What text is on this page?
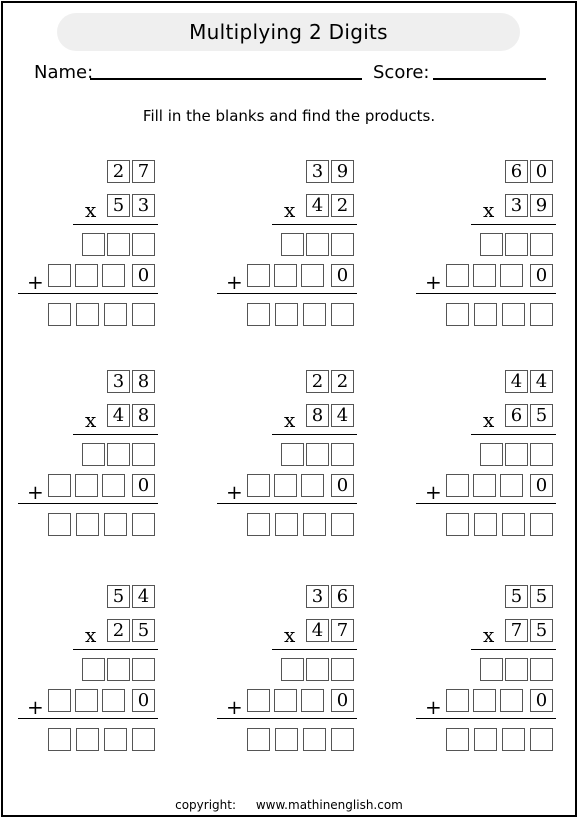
Multiplying 2 Digits
Name:	Score:
Fill in the blanks and find the products.
2 7
x 5 3
+	0
3 9
x 4 2
+	0
6 0
x 3 9
+	0
3 8
x 4 8
+	0
2 2
x 8 4
+	0
4 4
x 6 5
+	0
5 4
x 2 5
+	0
3 6
x 4 7
+	0
5 5
x 7 5
+	0
copyright: www.mathinenglish.com
